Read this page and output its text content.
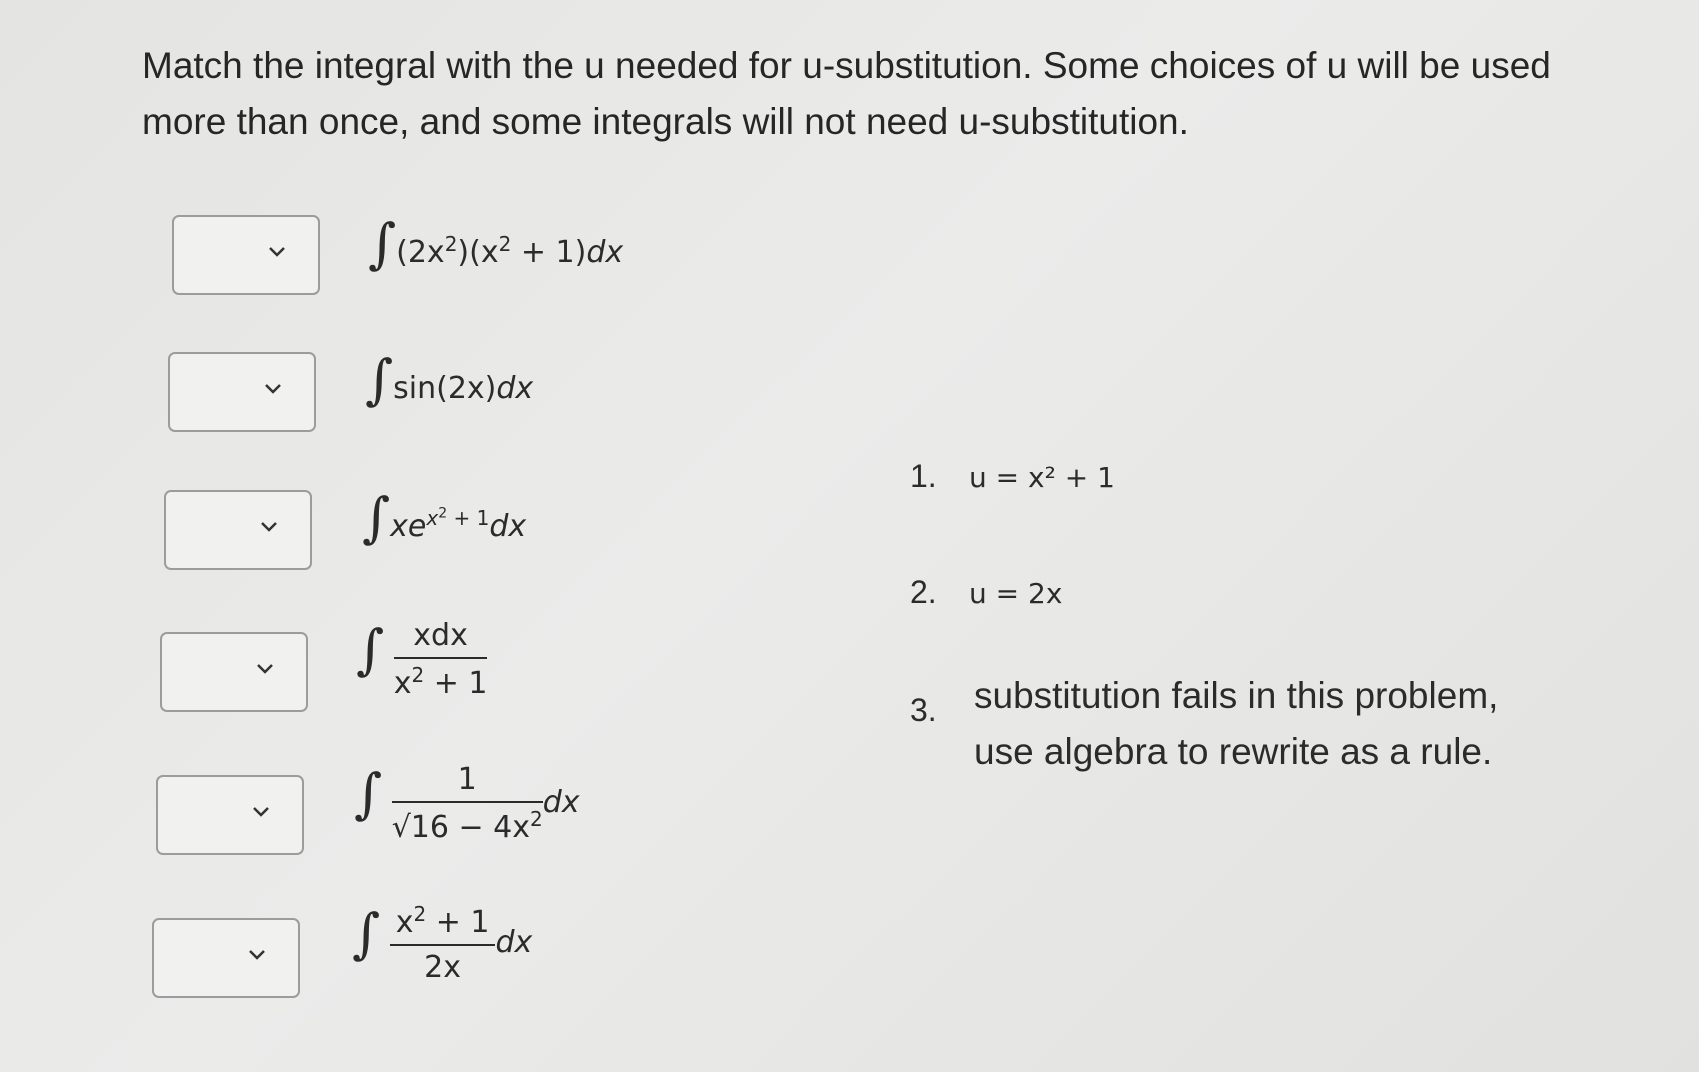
Match the integral with the u needed for u-substitution. Some choices of u will be used more than once, and some integrals will not need u-substitution.
$\int(2x^2)(x^2 + 1)dx$
∫sin(2x)dx
$\int xe^{x^2 + 1}dx$
∫ $\frac{\text{xdx}}{x^2 + 1}$
∫ $\frac{1}{√16 - 4x^2}$ dx
∫ $\frac{x^2 + 1}{2x}$ dx
1. u = x² + 1
2. u = 2x
3. substitution fails in this problem,
use algebra to rewrite as a rule.
